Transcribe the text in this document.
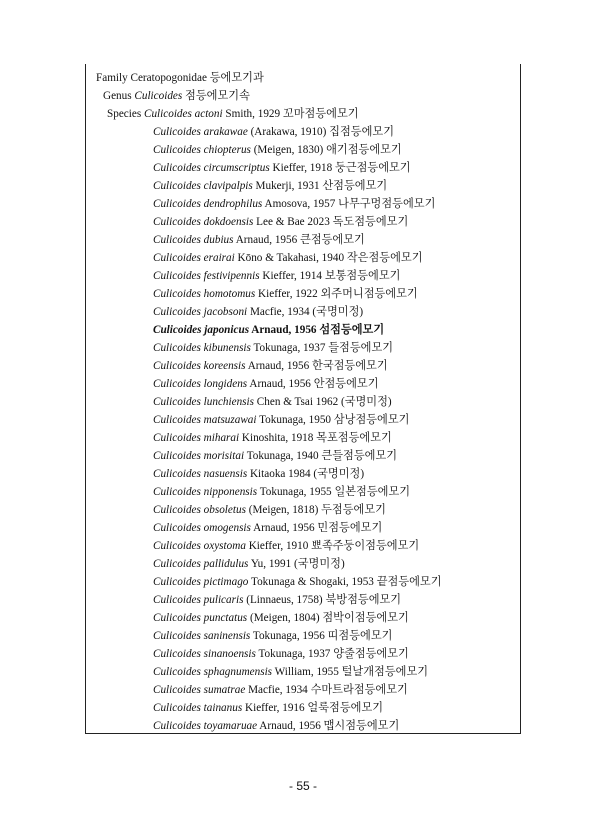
Family Ceratopogonidae 등에모기과
Genus Culicoides 점등에모기속
Species Culicoides actoni Smith, 1929 꼬마점등에모기
Culicoides arakawae (Arakawa, 1910) 집점등에모기
Culicoides chiopterus (Meigen, 1830) 애기점등에모기
Culicoides circumscriptus Kieffer, 1918 둥근점등에모기
Culicoides clavipalpis Mukerji, 1931 산점등에모기
Culicoides dendrophilus Amosova, 1957 나무구멍점등에모기
Culicoides dokdoensis Lee & Bae 2023 독도점등에모기
Culicoides dubius Arnaud, 1956 큰점등에모기
Culicoides erairai Kōno & Takahasi, 1940 작은점등에모기
Culicoides festivipennis Kieffer, 1914 보통점등에모기
Culicoides homotomus Kieffer, 1922 외주머니점등에모기
Culicoides jacobsoni Macfie, 1934 (국명미정)
Culicoides japonicus Arnaud, 1956 섬점등에모기
Culicoides kibunensis Tokunaga, 1937 들점등에모기
Culicoides koreensis Arnaud, 1956 한국점등에모기
Culicoides longidens Arnaud, 1956 안점등에모기
Culicoides lunchiensis Chen & Tsai 1962 (국명미정)
Culicoides matsuzawai Tokunaga, 1950 삼낭점등에모기
Culicoides miharai Kinoshita, 1918 목포점등에모기
Culicoides morisitai Tokunaga, 1940 큰들점등에모기
Culicoides nasuensis Kitaoka 1984 (국명미정)
Culicoides nipponensis Tokunaga, 1955 일본점등에모기
Culicoides obsoletus (Meigen, 1818) 두점등에모기
Culicoides omogensis Arnaud, 1956 민점등에모기
Culicoides oxystoma Kieffer, 1910 뾰족주둥이점등에모기
Culicoides pallidulus Yu, 1991 (국명미정)
Culicoides pictimago Tokunaga & Shogaki, 1953 끝점등에모기
Culicoides pulicaris (Linnaeus, 1758) 북방점등에모기
Culicoides punctatus (Meigen, 1804) 점박이점등에모기
Culicoides saninensis Tokunaga, 1956 띠점등에모기
Culicoides sinanoensis Tokunaga, 1937 양줄점등에모기
Culicoides sphagnumensis William, 1955 털날개점등에모기
Culicoides sumatrae Macfie, 1934 수마트라점등에모기
Culicoides tainanus Kieffer, 1916 얼룩점등에모기
Culicoides toyamaruae Arnaud, 1956 맵시점등에모기
- 55 -
